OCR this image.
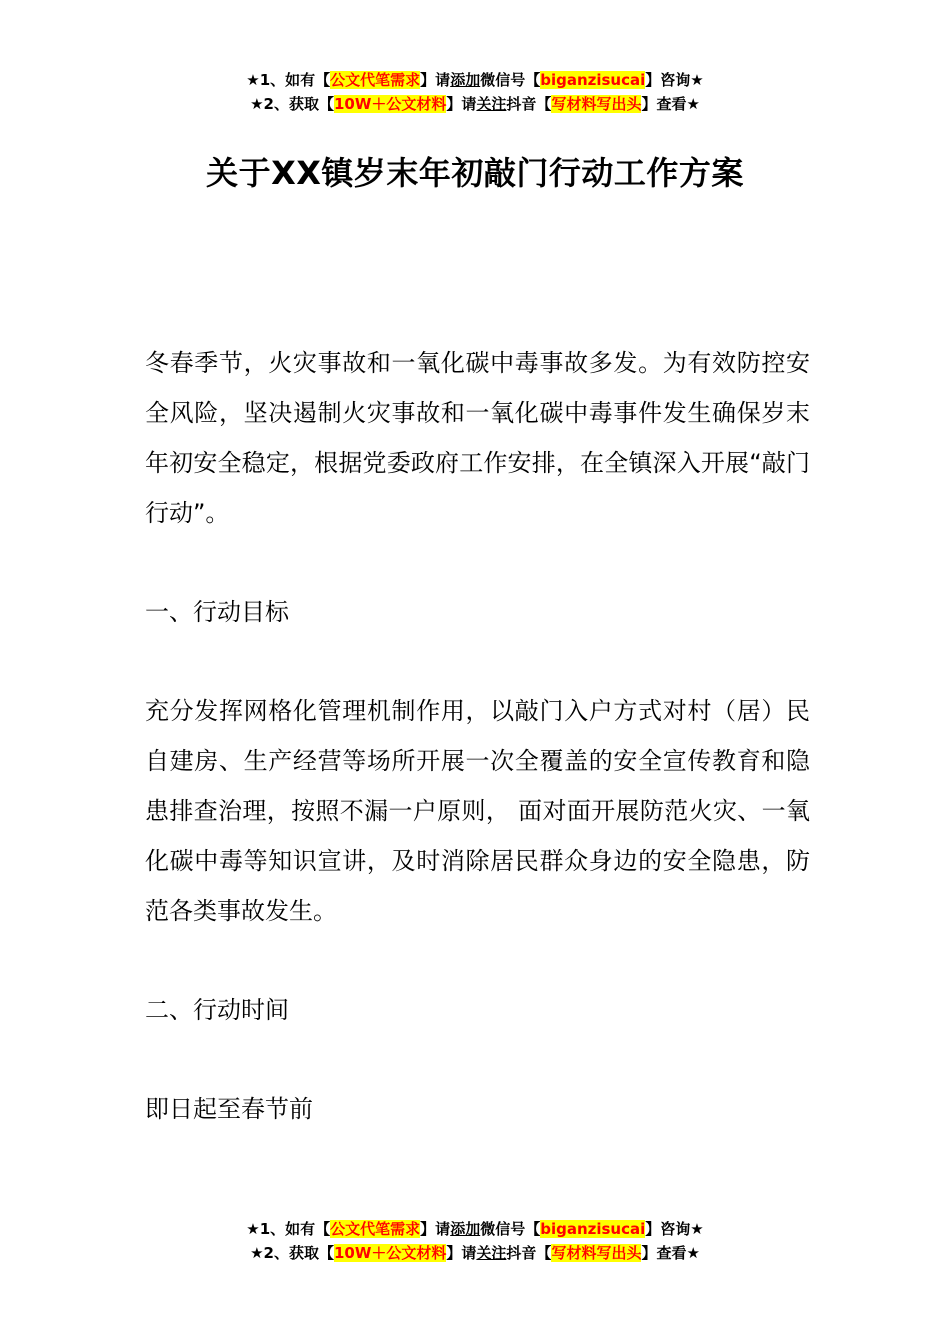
★1、如有【公文代笔需求】请添加微信号【biganzisucai】咨询★
★2、获取【10W＋公文材料】请关注抖音【写材料写出头】查看★
关于XX镇岁末年初敲门行动工作方案

冬春季节，火灾事故和一氧化碳中毒事故多发。为有效防控安全风险，坚决遏制火灾事故和一氧化碳中毒事件发生确保岁末年初安全稳定，根据党委政府工作安排，在全镇深入开展“敲门行动”。

一、行动目标

充分发挥网格化管理机制作用，以敲门入户方式对村（居）民自建房、生产经营等场所开展一次全覆盖的安全宣传教育和隐患排查治理，按照不漏一户原则， 面对面开展防范火灾、一氧化碳中毒等知识宣讲，及时消除居民群众身边的安全隐患，防范各类事故发生。

二、行动时间

即日起至春节前

★1、如有【公文代笔需求】请添加微信号【biganzisucai】咨询★
★2、获取【10W＋公文材料】请关注抖音【写材料写出头】查看★
